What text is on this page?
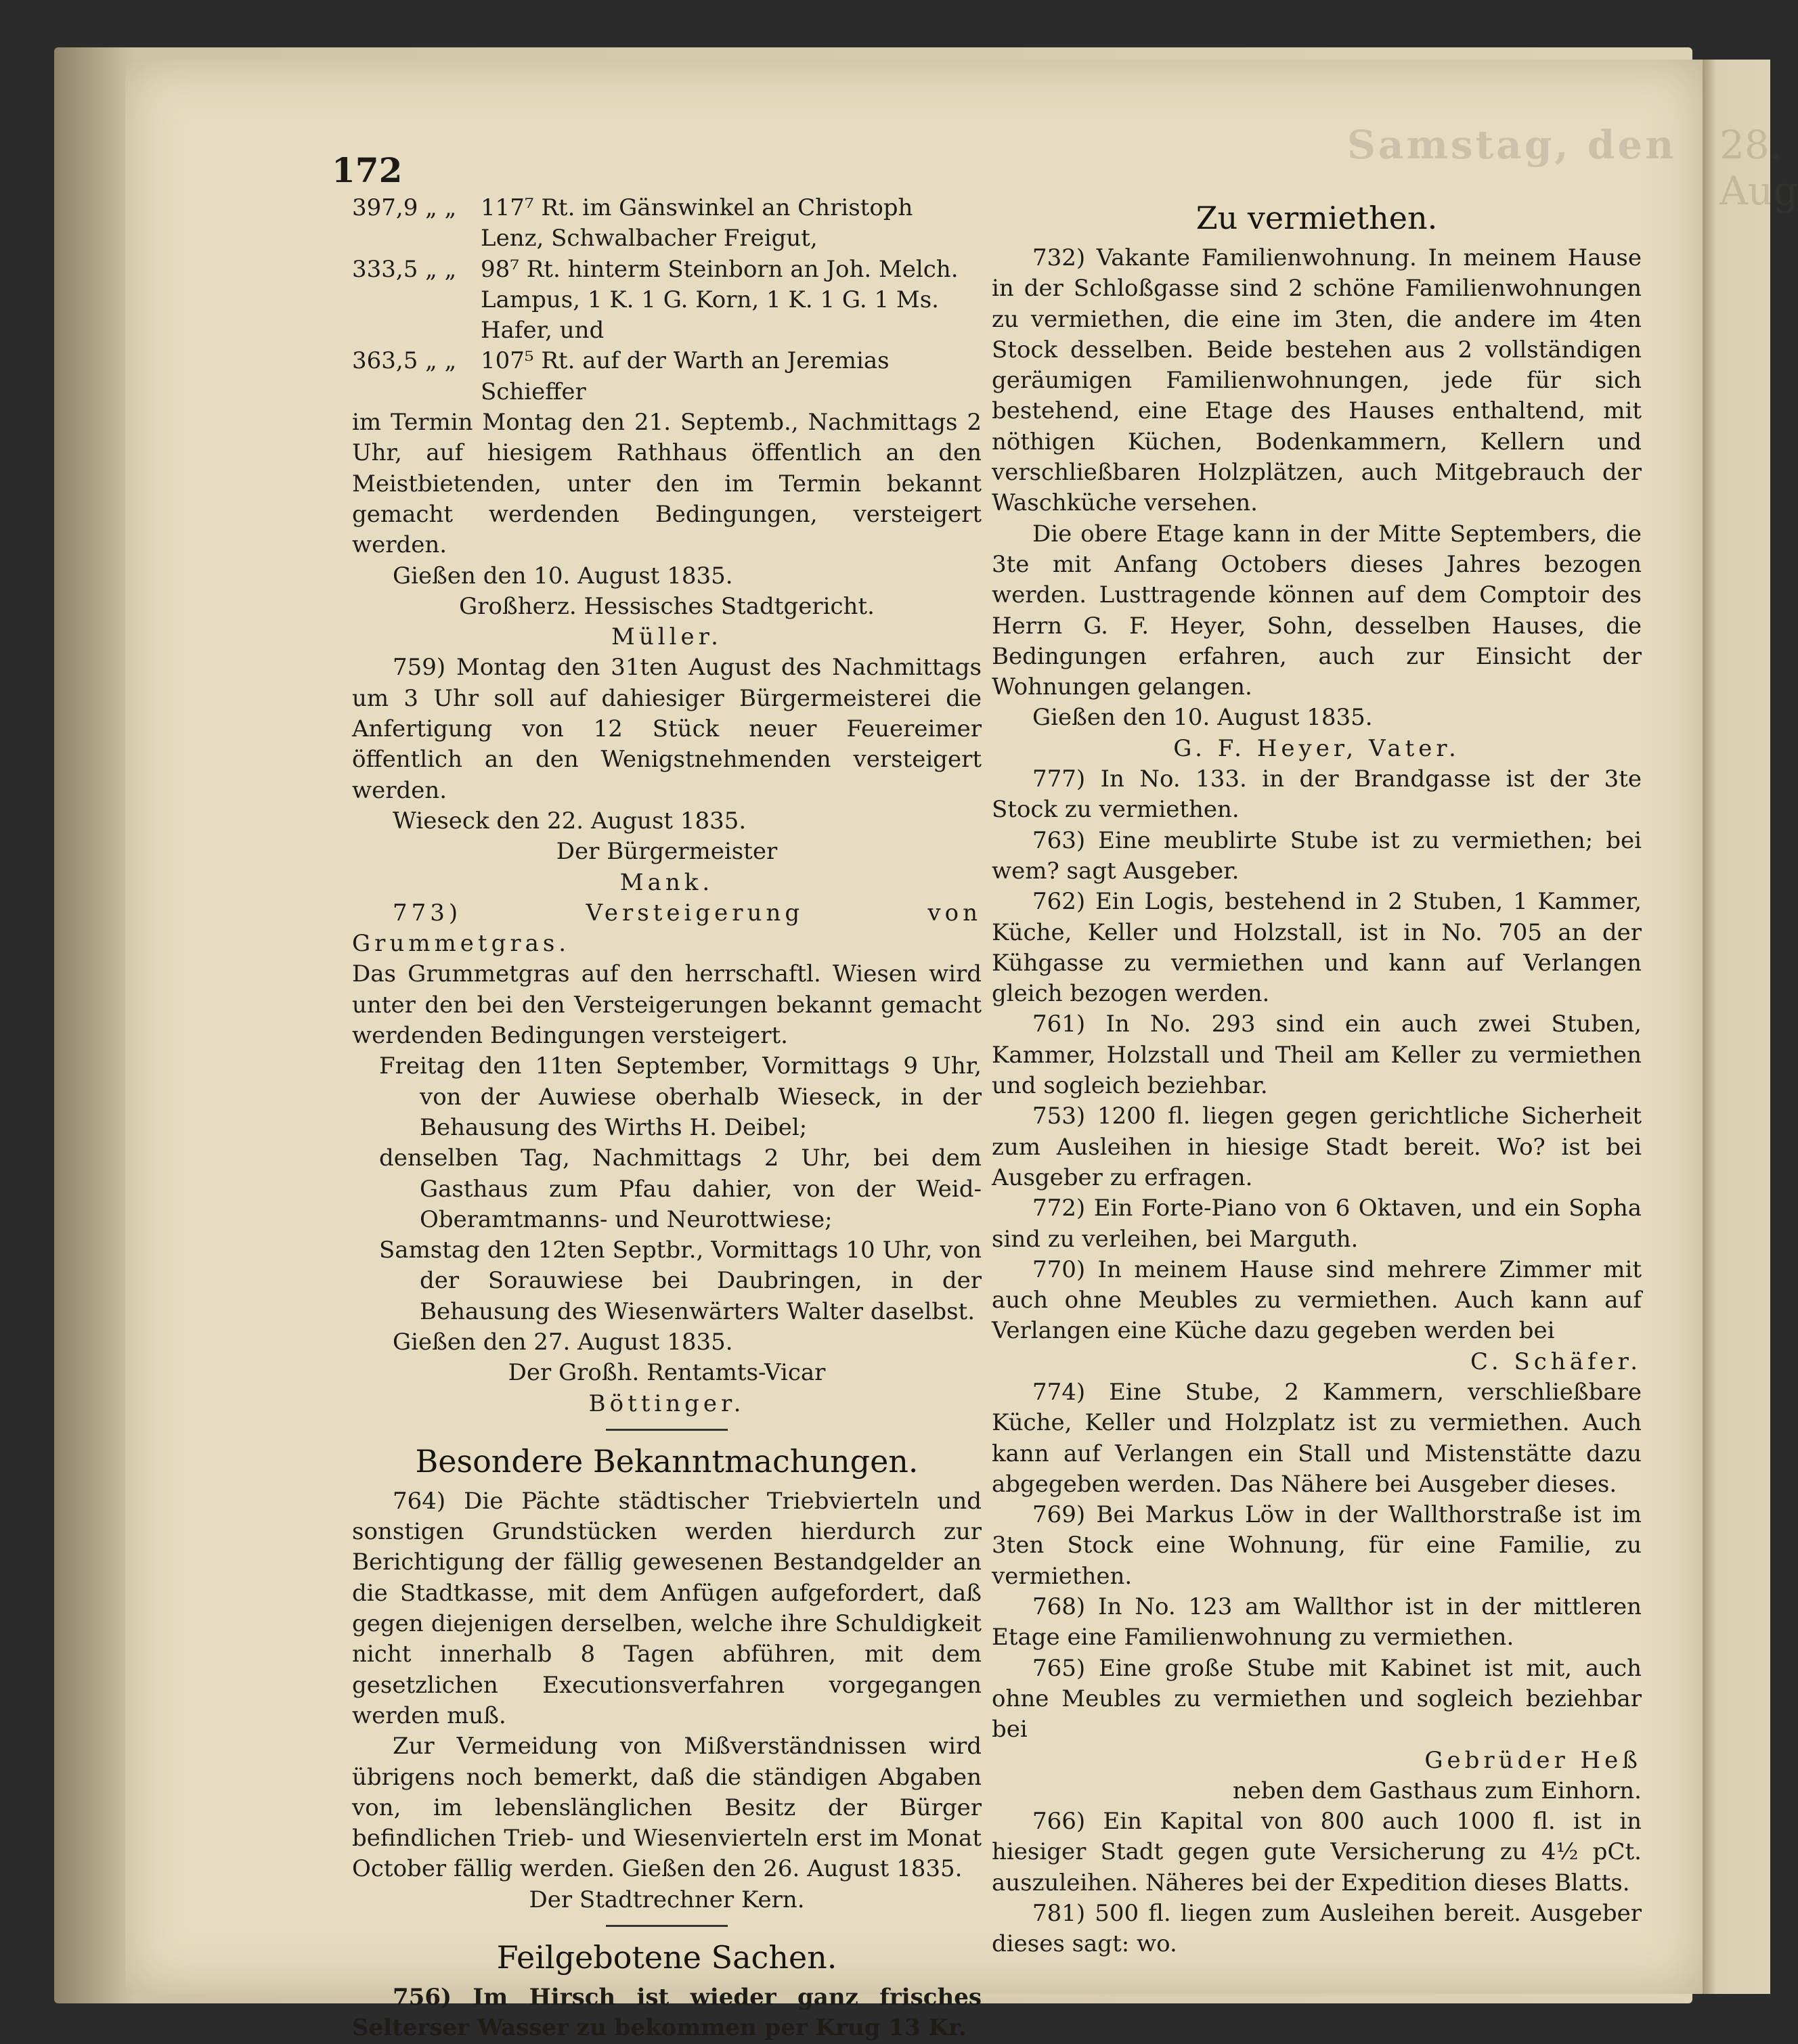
Samstag, den 28. Aug
172
397,9 „ „	117⁷ Rt. im Gänswinkel an Christoph Lenz, Schwalbacher Freigut,
333,5 „ „	98⁷ Rt. hinterm Steinborn an Joh. Melch. Lampus, 1 K. 1 G. Korn, 1 K. 1 G. 1 Ms. Hafer, und
363,5 „ „	107⁵ Rt. auf der Warth an Jeremias Schieffer

im Termin Montag den 21. Septemb., Nachmittags 2 Uhr, auf hiesigem Rathhaus öffentlich an den Meistbietenden, unter den im Termin bekannt gemacht werdenden Bedingungen, versteigert werden.

Gießen den 10. August 1835.

Großherz. Hessisches Stadtgericht.

Müller.

759) Montag den 31ten August des Nachmittags um 3 Uhr soll auf dahiesiger Bürgermeisterei die Anfertigung von 12 Stück neuer Feuereimer öffentlich an den Wenigstnehmenden versteigert werden.

Wieseck den 22. August 1835.

Der Bürgermeister

Mank.

773) Versteigerung von Grummetgras.

Das Grummetgras auf den herrschaftl. Wiesen wird unter den bei den Versteigerungen bekannt gemacht werdenden Bedingungen versteigert.

Freitag den 11ten September, Vormittags 9 Uhr, von der Auwiese oberhalb Wieseck, in der Behausung des Wirths H. Deibel;

denselben Tag, Nachmittags 2 Uhr, bei dem Gasthaus zum Pfau dahier, von der Weid- Oberamtmanns- und Neurottwiese;

Samstag den 12ten Septbr., Vormittags 10 Uhr, von der Sorauwiese bei Daubringen, in der Behausung des Wiesenwärters Walter daselbst.

Gießen den 27. August 1835.

Der Großh. Rentamts-Vicar

Böttinger.

Besondere Bekanntmachungen.

764) Die Pächte städtischer Triebvierteln und sonstigen Grundstücken werden hierdurch zur Berichtigung der fällig gewesenen Bestandgelder an die Stadtkasse, mit dem Anfügen aufgefordert, daß gegen diejenigen derselben, welche ihre Schuldigkeit nicht innerhalb 8 Tagen abführen, mit dem gesetzlichen Executionsverfahren vorgegangen werden muß.

Zur Vermeidung von Mißverständnissen wird übrigens noch bemerkt, daß die ständigen Abgaben von, im lebenslänglichen Besitz der Bürger befindlichen Trieb- und Wiesenvierteln erst im Monat October fällig werden. Gießen den 26. August 1835.

Der Stadtrechner Kern.

Feilgebotene Sachen.

756) Im Hirsch ist wieder ganz frisches Selterser Wasser zu bekommen per Krug 13 Kr.

Zu vermiethen.

732) Vakante Familienwohnung. In meinem Hause in der Schloßgasse sind 2 schöne Familienwohnungen zu vermiethen, die eine im 3ten, die andere im 4ten Stock desselben. Beide bestehen aus 2 vollständigen geräumigen Familienwohnungen, jede für sich bestehend, eine Etage des Hauses enthaltend, mit nöthigen Küchen, Bodenkammern, Kellern und verschließbaren Holzplätzen, auch Mitgebrauch der Waschküche versehen.

Die obere Etage kann in der Mitte Septembers, die 3te mit Anfang Octobers dieses Jahres bezogen werden. Lusttragende können auf dem Comptoir des Herrn G. F. Heyer, Sohn, desselben Hauses, die Bedingungen erfahren, auch zur Einsicht der Wohnungen gelangen.

Gießen den 10. August 1835.

G. F. Heyer, Vater.

777) In No. 133. in der Brandgasse ist der 3te Stock zu vermiethen.

763) Eine meublirte Stube ist zu vermiethen; bei wem? sagt Ausgeber.

762) Ein Logis, bestehend in 2 Stuben, 1 Kammer, Küche, Keller und Holzstall, ist in No. 705 an der Kühgasse zu vermiethen und kann auf Verlangen gleich bezogen werden.

761) In No. 293 sind ein auch zwei Stuben, Kammer, Holzstall und Theil am Keller zu vermiethen und sogleich beziehbar.

753) 1200 fl. liegen gegen gerichtliche Sicherheit zum Ausleihen in hiesige Stadt bereit. Wo? ist bei Ausgeber zu erfragen.

772) Ein Forte-Piano von 6 Oktaven, und ein Sopha sind zu verleihen, bei Marguth.

770) In meinem Hause sind mehrere Zimmer mit auch ohne Meubles zu vermiethen. Auch kann auf Verlangen eine Küche dazu gegeben werden bei

C. Schäfer.

774) Eine Stube, 2 Kammern, verschließbare Küche, Keller und Holzplatz ist zu vermiethen. Auch kann auf Verlangen ein Stall und Mistenstätte dazu abgegeben werden. Das Nähere bei Ausgeber dieses.

769) Bei Markus Löw in der Wallthorstraße ist im 3ten Stock eine Wohnung, für eine Familie, zu vermiethen.

768) In No. 123 am Wallthor ist in der mittleren Etage eine Familienwohnung zu vermiethen.

765) Eine große Stube mit Kabinet ist mit, auch ohne Meubles zu vermiethen und sogleich beziehbar bei

Gebrüder Heß

neben dem Gasthaus zum Einhorn.

766) Ein Kapital von 800 auch 1000 fl. ist in hiesiger Stadt gegen gute Versicherung zu 4½ pCt. auszuleihen. Näheres bei der Expedition dieses Blatts.

781) 500 fl. liegen zum Ausleihen bereit. Ausgeber dieses sagt: wo.
